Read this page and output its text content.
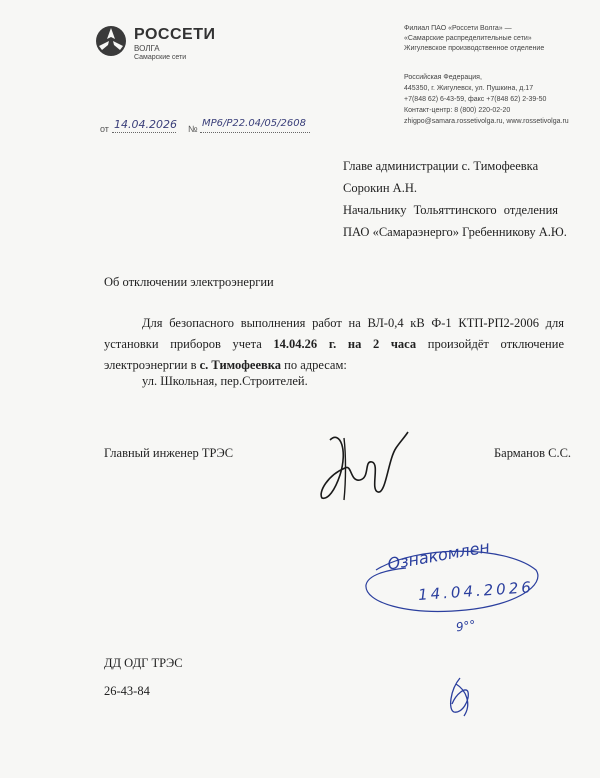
РОССЕТИ
ВОЛГА
Самарские сети
Филиал ПАО «Россети Волга» —
«Самарские распределительные сети»
Жигулевское производственное отделение
Российская Федерация,
445350, г. Жигулевск, ул. Пушкина, д.17
+7(848 62) 6-43-59, факс +7(848 62) 2-39-50
Контакт-центр: 8 (800) 220-02-20
zhigpo@samara.rossetivolga.ru, www.rossetivolga.ru
от	№
14.04.2026	МР6/Р22.04/05/2608
Главе администрации с. Тимофеевка
Сорокин А.Н.
Начальнику Тольяттинского отделения
ПАО «Самараэнерго» Гребенникову А.Ю.
Об отключении электроэнергии
Для безопасного выполнения работ на ВЛ-0,4 кВ Ф-1 КТП-РП2-2006 для установки приборов учета 14.04.26 г. на 2 часа произойдёт отключение электроэнергии в с. Тимофеевка по адресам:
ул. Школьная, пер.Строителей.
Главный инженер ТРЭС	Барманов С.С.
Ознакомлен
14.04.2026
9°°
ДД ОДГ ТРЭС
26-43-84
